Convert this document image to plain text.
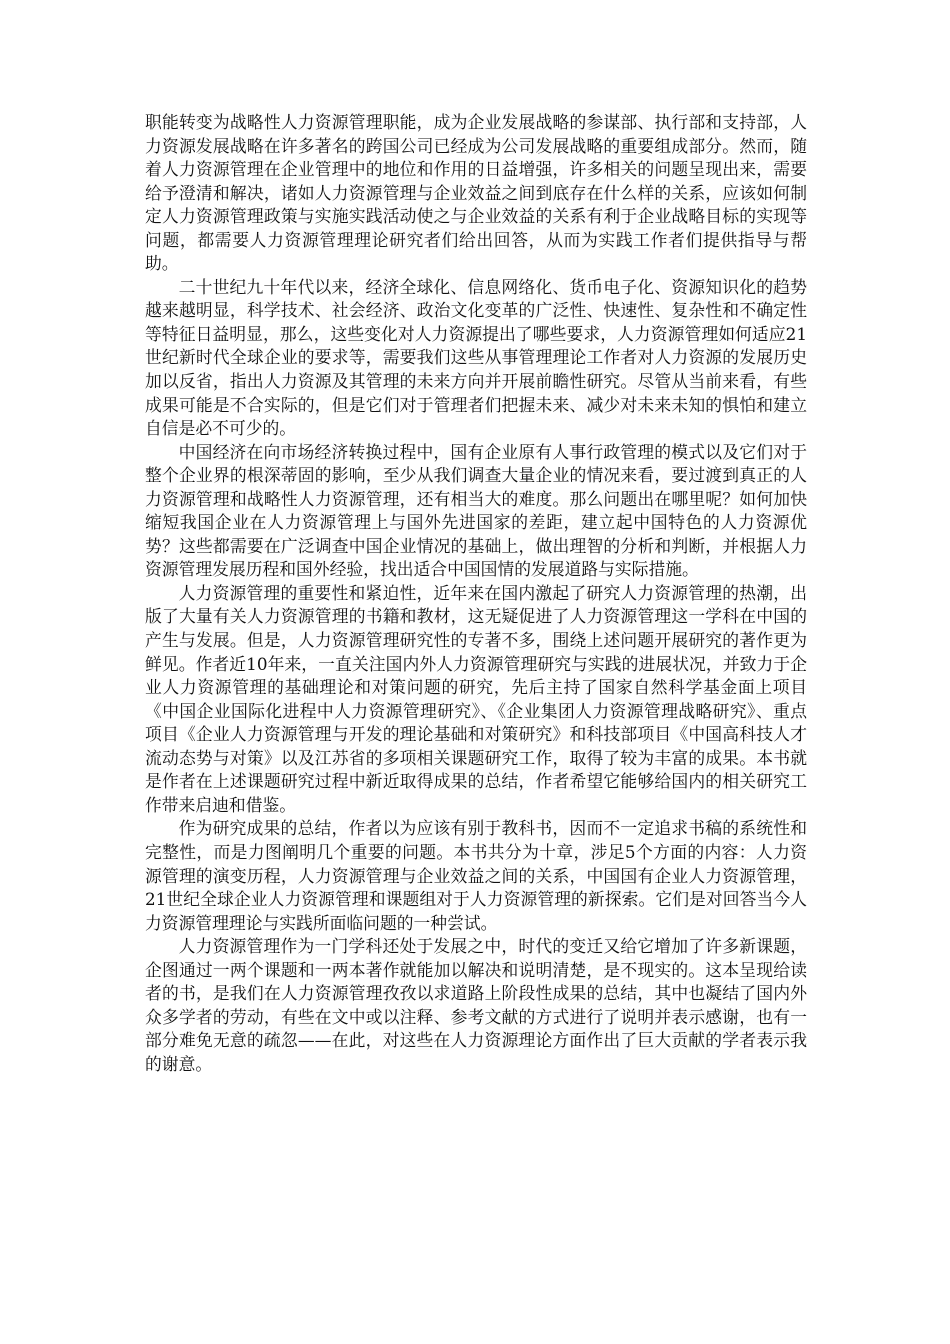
职能转变为战略性人力资源管理职能，成为企业发展战略的参谋部、执行部和支持部，人力资源发展战略在许多著名的跨国公司已经成为公司发展战略的重要组成部分。然而，随着人力资源管理在企业管理中的地位和作用的日益增强，许多相关的问题呈现出来，需要给予澄清和解决，诸如人力资源管理与企业效益之间到底存在什么样的关系，应该如何制定人力资源管理政策与实施实践活动使之与企业效益的关系有利于企业战略目标的实现等问题，都需要人力资源管理理论研究者们给出回答，从而为实践工作者们提供指导与帮助。

二十世纪九十年代以来，经济全球化、信息网络化、货币电子化、资源知识化的趋势越来越明显，科学技术、社会经济、政治文化变革的广泛性、快速性、复杂性和不确定性等特征日益明显，那么，这些变化对人力资源提出了哪些要求，人力资源管理如何适应21世纪新时代全球企业的要求等，需要我们这些从事管理理论工作者对人力资源的发展历史加以反省，指出人力资源及其管理的未来方向并开展前瞻性研究。尽管从当前来看，有些成果可能是不合实际的，但是它们对于管理者们把握未来、减少对未来未知的惧怕和建立自信是必不可少的。

中国经济在向市场经济转换过程中，国有企业原有人事行政管理的模式以及它们对于整个企业界的根深蒂固的影响，至少从我们调查大量企业的情况来看，要过渡到真正的人力资源管理和战略性人力资源管理，还有相当大的难度。那么问题出在哪里呢？如何加快缩短我国企业在人力资源管理上与国外先进国家的差距，建立起中国特色的人力资源优势？这些都需要在广泛调查中国企业情况的基础上，做出理智的分析和判断，并根据人力资源管理发展历程和国外经验，找出适合中国国情的发展道路与实际措施。

人力资源管理的重要性和紧迫性，近年来在国内激起了研究人力资源管理的热潮，出版了大量有关人力资源管理的书籍和教材，这无疑促进了人力资源管理这一学科在中国的产生与发展。但是，人力资源管理研究性的专著不多，围绕上述问题开展研究的著作更为鲜见。作者近10年来，一直关注国内外人力资源管理研究与实践的进展状况，并致力于企业人力资源管理的基础理论和对策问题的研究，先后主持了国家自然科学基金面上项目《中国企业国际化进程中人力资源管理研究》、《企业集团人力资源管理战略研究》、重点项目《企业人力资源管理与开发的理论基础和对策研究》和科技部项目《中国高科技人才流动态势与对策》以及江苏省的多项相关课题研究工作，取得了较为丰富的成果。本书就是作者在上述课题研究过程中新近取得成果的总结，作者希望它能够给国内的相关研究工作带来启迪和借鉴。

作为研究成果的总结，作者以为应该有别于教科书，因而不一定追求书稿的系统性和完整性，而是力图阐明几个重要的问题。本书共分为十章，涉足5个方面的内容：人力资源管理的演变历程，人力资源管理与企业效益之间的关系，中国国有企业人力资源管理，21世纪全球企业人力资源管理和课题组对于人力资源管理的新探索。它们是对回答当今人力资源管理理论与实践所面临问题的一种尝试。

人力资源管理作为一门学科还处于发展之中，时代的变迁又给它增加了许多新课题，企图通过一两个课题和一两本著作就能加以解决和说明清楚，是不现实的。这本呈现给读者的书，是我们在人力资源管理孜孜以求道路上阶段性成果的总结，其中也凝结了国内外众多学者的劳动，有些在文中或以注释、参考文献的方式进行了说明并表示感谢，也有一部分难免无意的疏忽——在此，对这些在人力资源理论方面作出了巨大贡献的学者表示我的谢意。
